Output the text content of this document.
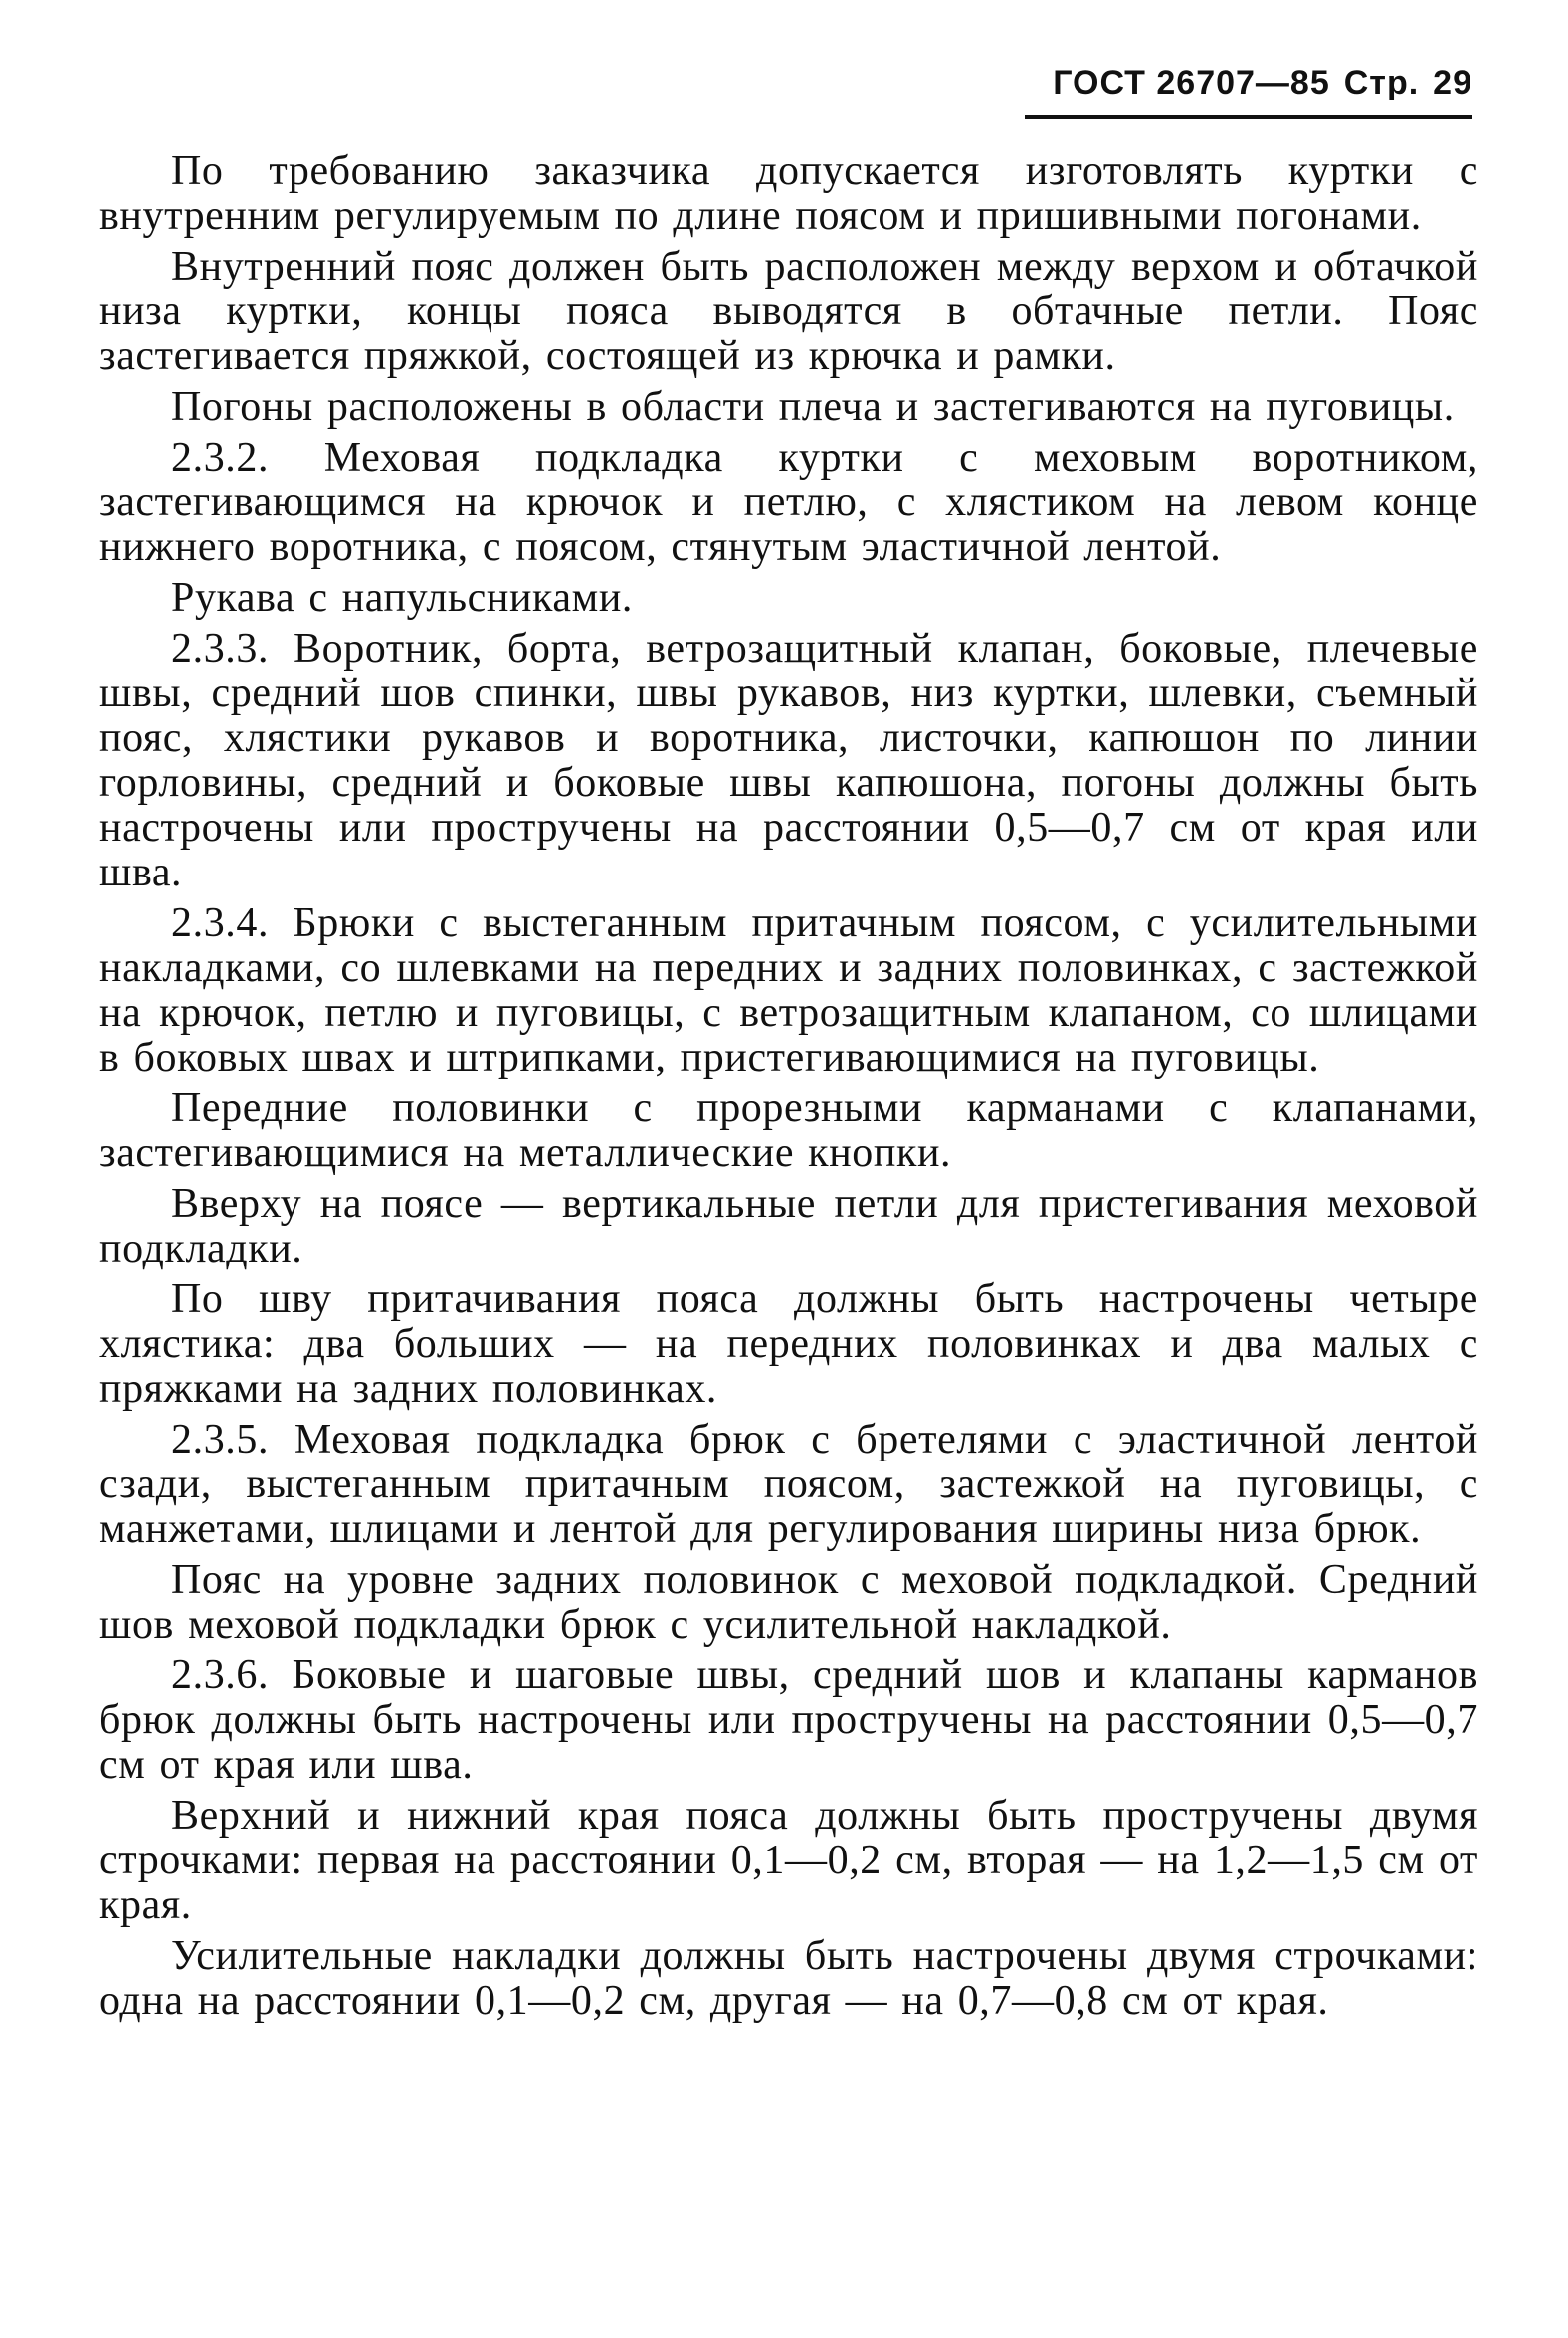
ГОСТ 26707—85 Стр. 29

По требованию заказчика допускается изготовлять куртки с внутренним регулируемым по длине поясом и пришивными погонами.

Внутренний пояс должен быть расположен между верхом и обтачкой низа куртки, концы пояса выводятся в обтачные петли. Пояс застегивается пряжкой, состоящей из крючка и рамки.

Погоны расположены в области плеча и застегиваются на пуговицы.

2.3.2. Меховая подкладка куртки с меховым воротником, застегивающимся на крючок и петлю, с хлястиком на левом конце нижнего воротника, с поясом, стянутым эластичной лентой.

Рукава с напульсниками.

2.3.3. Воротник, борта, ветрозащитный клапан, боковые, плечевые швы, средний шов спинки, швы рукавов, низ куртки, шлевки, съемный пояс, хлястики рукавов и воротника, листочки, капюшон по линии горловины, средний и боковые швы капюшона, погоны должны быть настрочены или простручены на расстоянии 0,5—0,7 см от края или шва.

2.3.4. Брюки с выстеганным притачным поясом, с усилительными накладками, со шлевками на передних и задних половинках, с застежкой на крючок, петлю и пуговицы, с ветрозащитным клапаном, со шлицами в боковых швах и штрипками, пристегивающимися на пуговицы.

Передние половинки с прорезными карманами с клапанами, застегивающимися на металлические кнопки.

Вверху на поясе — вертикальные петли для пристегивания меховой подкладки.

По шву притачивания пояса должны быть настрочены четыре хлястика: два больших — на передних половинках и два малых с пряжками на задних половинках.

2.3.5. Меховая подкладка брюк с бретелями с эластичной лентой сзади, выстеганным притачным поясом, застежкой на пуговицы, с манжетами, шлицами и лентой для регулирования ширины низа брюк.

Пояс на уровне задних половинок с меховой подкладкой. Средний шов меховой подкладки брюк с усилительной накладкой.

2.3.6. Боковые и шаговые швы, средний шов и клапаны карманов брюк должны быть настрочены или простручены на расстоянии 0,5—0,7 см от края или шва.

Верхний и нижний края пояса должны быть простручены двумя строчками: первая на расстоянии 0,1—0,2 см, вторая — на 1,2—1,5 см от края.

Усилительные накладки должны быть настрочены двумя строчками: одна на расстоянии 0,1—0,2 см, другая — на 0,7—0,8 см от края.
